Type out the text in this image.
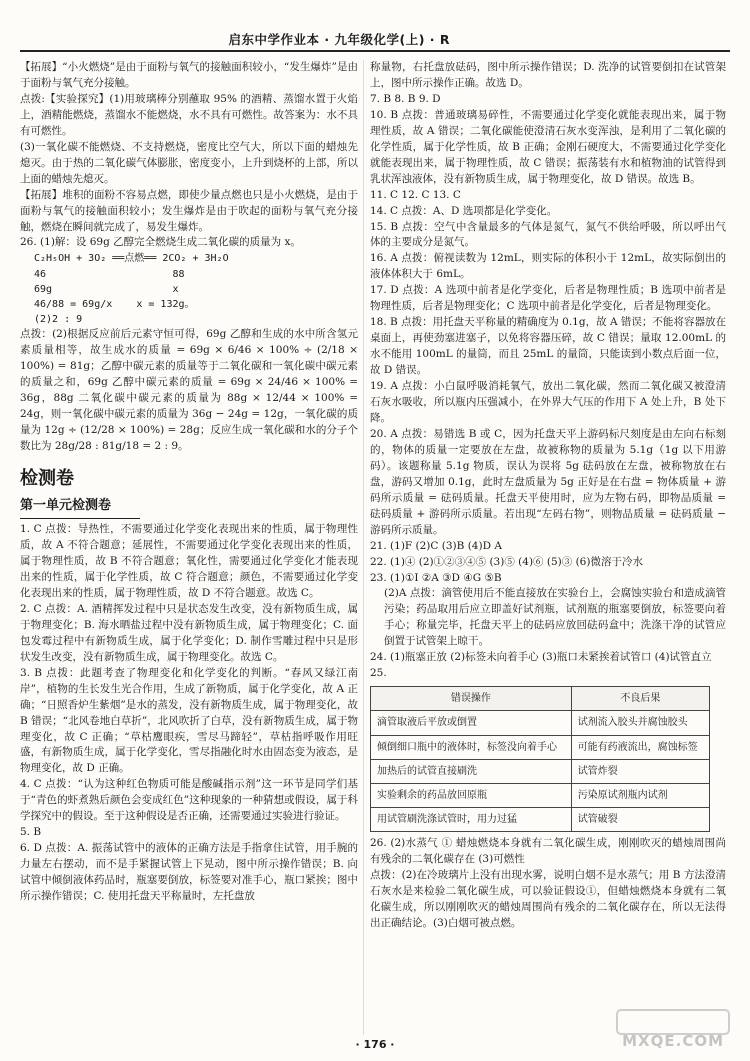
启东中学作业本 · 九年级化学(上) · R

【拓展】“小火燃烧”是由于面粉与氧气的接触面积较小，“发生爆炸”是由于面粉与氧气充分接触。

点拨:【实验探究】(1)用玻璃棒分别蘸取 95% 的酒精、蒸馏水置于火焰上，酒精能燃烧，蒸馏水不能燃烧，水不具有可燃性。故答案为：水不具有可燃性。

(3)一氧化碳不能燃烧、不支持燃烧，密度比空气大，所以下面的蜡烛先熄灭。由于热的二氧化碳气体膨胀，密度变小，上升到烧杯的上部，所以上面的蜡烛先熄灭。

【拓展】堆积的面粉不容易点燃，即使少量点燃也只是小火燃烧，是由于面粉与氧气的接触面积较小；发生爆炸是由于吹起的面粉与氧气充分接触，燃烧在瞬间就完成了，易发生爆炸。

26. (1)解：设 69g 乙醇完全燃烧生成二氧化碳的质量为 x。

C₂H₅OH + 3O₂ ══点燃══ 2CO₂ + 3H₂O

46                     88

69g                    x

46/88 = 69g/x    x = 132g。

(2)2 : 9

点拨：(2)根据反应前后元素守恒可得，69g 乙醇和生成的水中所含氢元素质量相等，故生成水的质量 = 69g × 6/46 × 100% ÷ (2/18 × 100%) = 81g；乙醇中碳元素的质量等于二氧化碳和一氧化碳中碳元素的质量之和，69g 乙醇中碳元素的质量 = 69g × 24/46 × 100% = 36g，88g 二氧化碳中碳元素的质量为 88g × 12/44 × 100% = 24g，则一氧化碳中碳元素的质量为 36g − 24g = 12g，一氧化碳的质量为 12g ÷ (12/28 × 100%) = 28g；反应生成一氧化碳和水的分子个数比为 28g/28 : 81g/18 = 2 : 9。

检测卷
第一单元检测卷

1. C 点拨：导热性，不需要通过化学变化表现出来的性质，属于物理性质，故 A 不符合题意；延展性，不需要通过化学变化表现出来的性质，属于物理性质，故 B 不符合题意；氧化性，需要通过化学变化才能表现出来的性质，属于化学性质，故 C 符合题意；颜色，不需要通过化学变化表现出来的性质，属于物理性质，故 D 不符合题意。故选 C。

2. C 点拨：A. 酒精挥发过程中只是状态发生改变，没有新物质生成，属于物理变化；B. 海水晒盐过程中没有新物质生成，属于物理变化；C. 面包发霉过程中有新物质生成，属于化学变化；D. 制作雪雕过程中只是形状发生改变，没有新物质生成，属于物理变化。故选 C。

3. B 点拨：此题考查了物理变化和化学变化的判断。“春风又绿江南岸”，植物的生长发生光合作用，生成了新物质，属于化学变化，故 A 正确；“日照香炉生紫烟”是水的蒸发，没有新物质生成，属于物理变化，故 B 错误；“北风卷地白草折”，北风吹折了白草，没有新物质生成，属于物理变化，故 C 正确；“草枯鹰眼疾，雪尽马蹄轻”，草枯指呼吸作用旺盛，有新物质生成，属于化学变化，雪尽指融化时水由固态变为液态，是物理变化，故 D 正确。

4. C 点拨：“认为这种红色物质可能是酸碱指示剂”这一环节是同学们基于“青色的虾煮熟后颜色会变成红色”这种现象的一种猜想或假设，属于科学探究中的假设。至于这种假设是否正确，还需要通过实验进行验证。

5. B

6. D 点拨：A. 振荡试管中的液体的正确方法是手指拿住试管，用手腕的力量左右摆动，而不是手紧握试管上下晃动，图中所示操作错误；B. 向试管中倾倒液体药品时，瓶塞要倒放，标签要对准手心，瓶口紧挨；图中所示操作错误；C. 使用托盘天平称量时，左托盘放

称量物，右托盘放砝码，图中所示操作错误；D. 洗净的试管要倒扣在试管架上，图中所示操作正确。故选 D。

7. B 8. B 9. D

10. B 点拨：普通玻璃易碎性，不需要通过化学变化就能表现出来，属于物理性质，故 A 错误；二氧化碳能使澄清石灰水变浑浊，是利用了二氧化碳的化学性质，属于化学性质，故 B 正确；金刚石硬度大，不需要通过化学变化就能表现出来，属于物理性质，故 C 错误；振荡装有水和植物油的试管得到乳状浑浊液体，没有新物质生成，属于物理变化，故 D 错误。故选 B。

11. C 12. C 13. C

14. C 点拨：A、D 选项都是化学变化。

15. B 点拨：空气中含量最多的气体是氮气，氮气不供给呼吸，所以呼出气体的主要成分是氮气。

16. A 点拨：俯视读数为 12mL，则实际的体积小于 12mL，故实际倒出的液体体积大于 6mL。

17. D 点拨：A 选项中前者是化学变化，后者是物理性质；B 选项中前者是物理性质，后者是物理变化；C 选项中前者是化学变化，后者是物理变化。

18. B 点拨：用托盘天平称量的精确度为 0.1g，故 A 错误；不能将容器放在桌面上，再使劲塞进塞子，以免将容器压碎，故 C 错误；量取 12.00mL 的水不能用 100mL 的量筒，而且 25mL 的量筒，只能读到小数点后面一位，故 D 错误。

19. A 点拨：小白鼠呼吸消耗氧气，放出二氧化碳，然而二氧化碳又被澄清石灰水吸收，所以瓶内压强减小，在外界大气压的作用下 A 处上升，B 处下降。

20. A 点拨：易错选 B 或 C，因为托盘天平上游码标尺刻度是由左向右标刻的，物体的质量一定要放在左盘，故被称物的质量为 5.1g（1g 以下用游码）。该题称量 5.1g 物质，误认为误将 5g 砝码放在左盘，被称物放在右盘，游码又增加 0.1g，此时左盘质量为 5g 正好是在右盘 = 物体质量 + 游码所示质量 = 砝码质量。托盘天平使用时，应为左物右码，即物品质量 = 砝码质量 + 游码所示质量。若出现“左码右物”，则物品质量 = 砝码质量 − 游码所示质量。

21. (1)F (2)C (3)B (4)D A

22. (1)④ (2)①②③④⑤ (3)⑤ (4)⑥ (5)③ (6)微溶于冷水

23. (1)①I ②A ③D ④G ⑤B

(2)A 点拨：滴管使用后不能直接放在实验台上，会腐蚀实验台和造成滴管污染；药品取用后应立即盖好试剂瓶，试剂瓶的瓶塞要倒放，标签要向着手心；称量完毕，托盘天平上的砝码应放回砝码盒中；洗涤干净的试管应倒置于试管架上晾干。

24. (1)瓶塞正放 (2)标签未向着手心 (3)瓶口未紧挨着试管口 (4)试管直立

25.

错误操作	不良后果
滴管取液后平放或倒置	试剂流入胶头并腐蚀胶头
倾倒细口瓶中的液体时，标签没向着手心	可能有药液流出，腐蚀标签
加热后的试管直接刷洗	试管炸裂
实验剩余的药品放回原瓶	污染原试剂瓶内试剂
用试管刷洗涤试管时，用力过猛	试管破裂

26. (2)水蒸气 ① 蜡烛燃烧本身就有二氧化碳生成，刚刚吹灭的蜡烛周围尚有残余的二氧化碳存在 (3)可燃性

点拨：(2)在冷玻璃片上没有出现水雾，说明白烟不是水蒸气；用 B 方法澄清石灰水是来检验二氧化碳生成，可以验证假设①，但蜡烛燃烧本身就有二氧化碳生成，所以刚刚吹灭的蜡烛周围尚有残余的二氧化碳存在，所以无法得出正确结论。(3)白烟可被点燃。

· 176 ·	MXQE.COM
